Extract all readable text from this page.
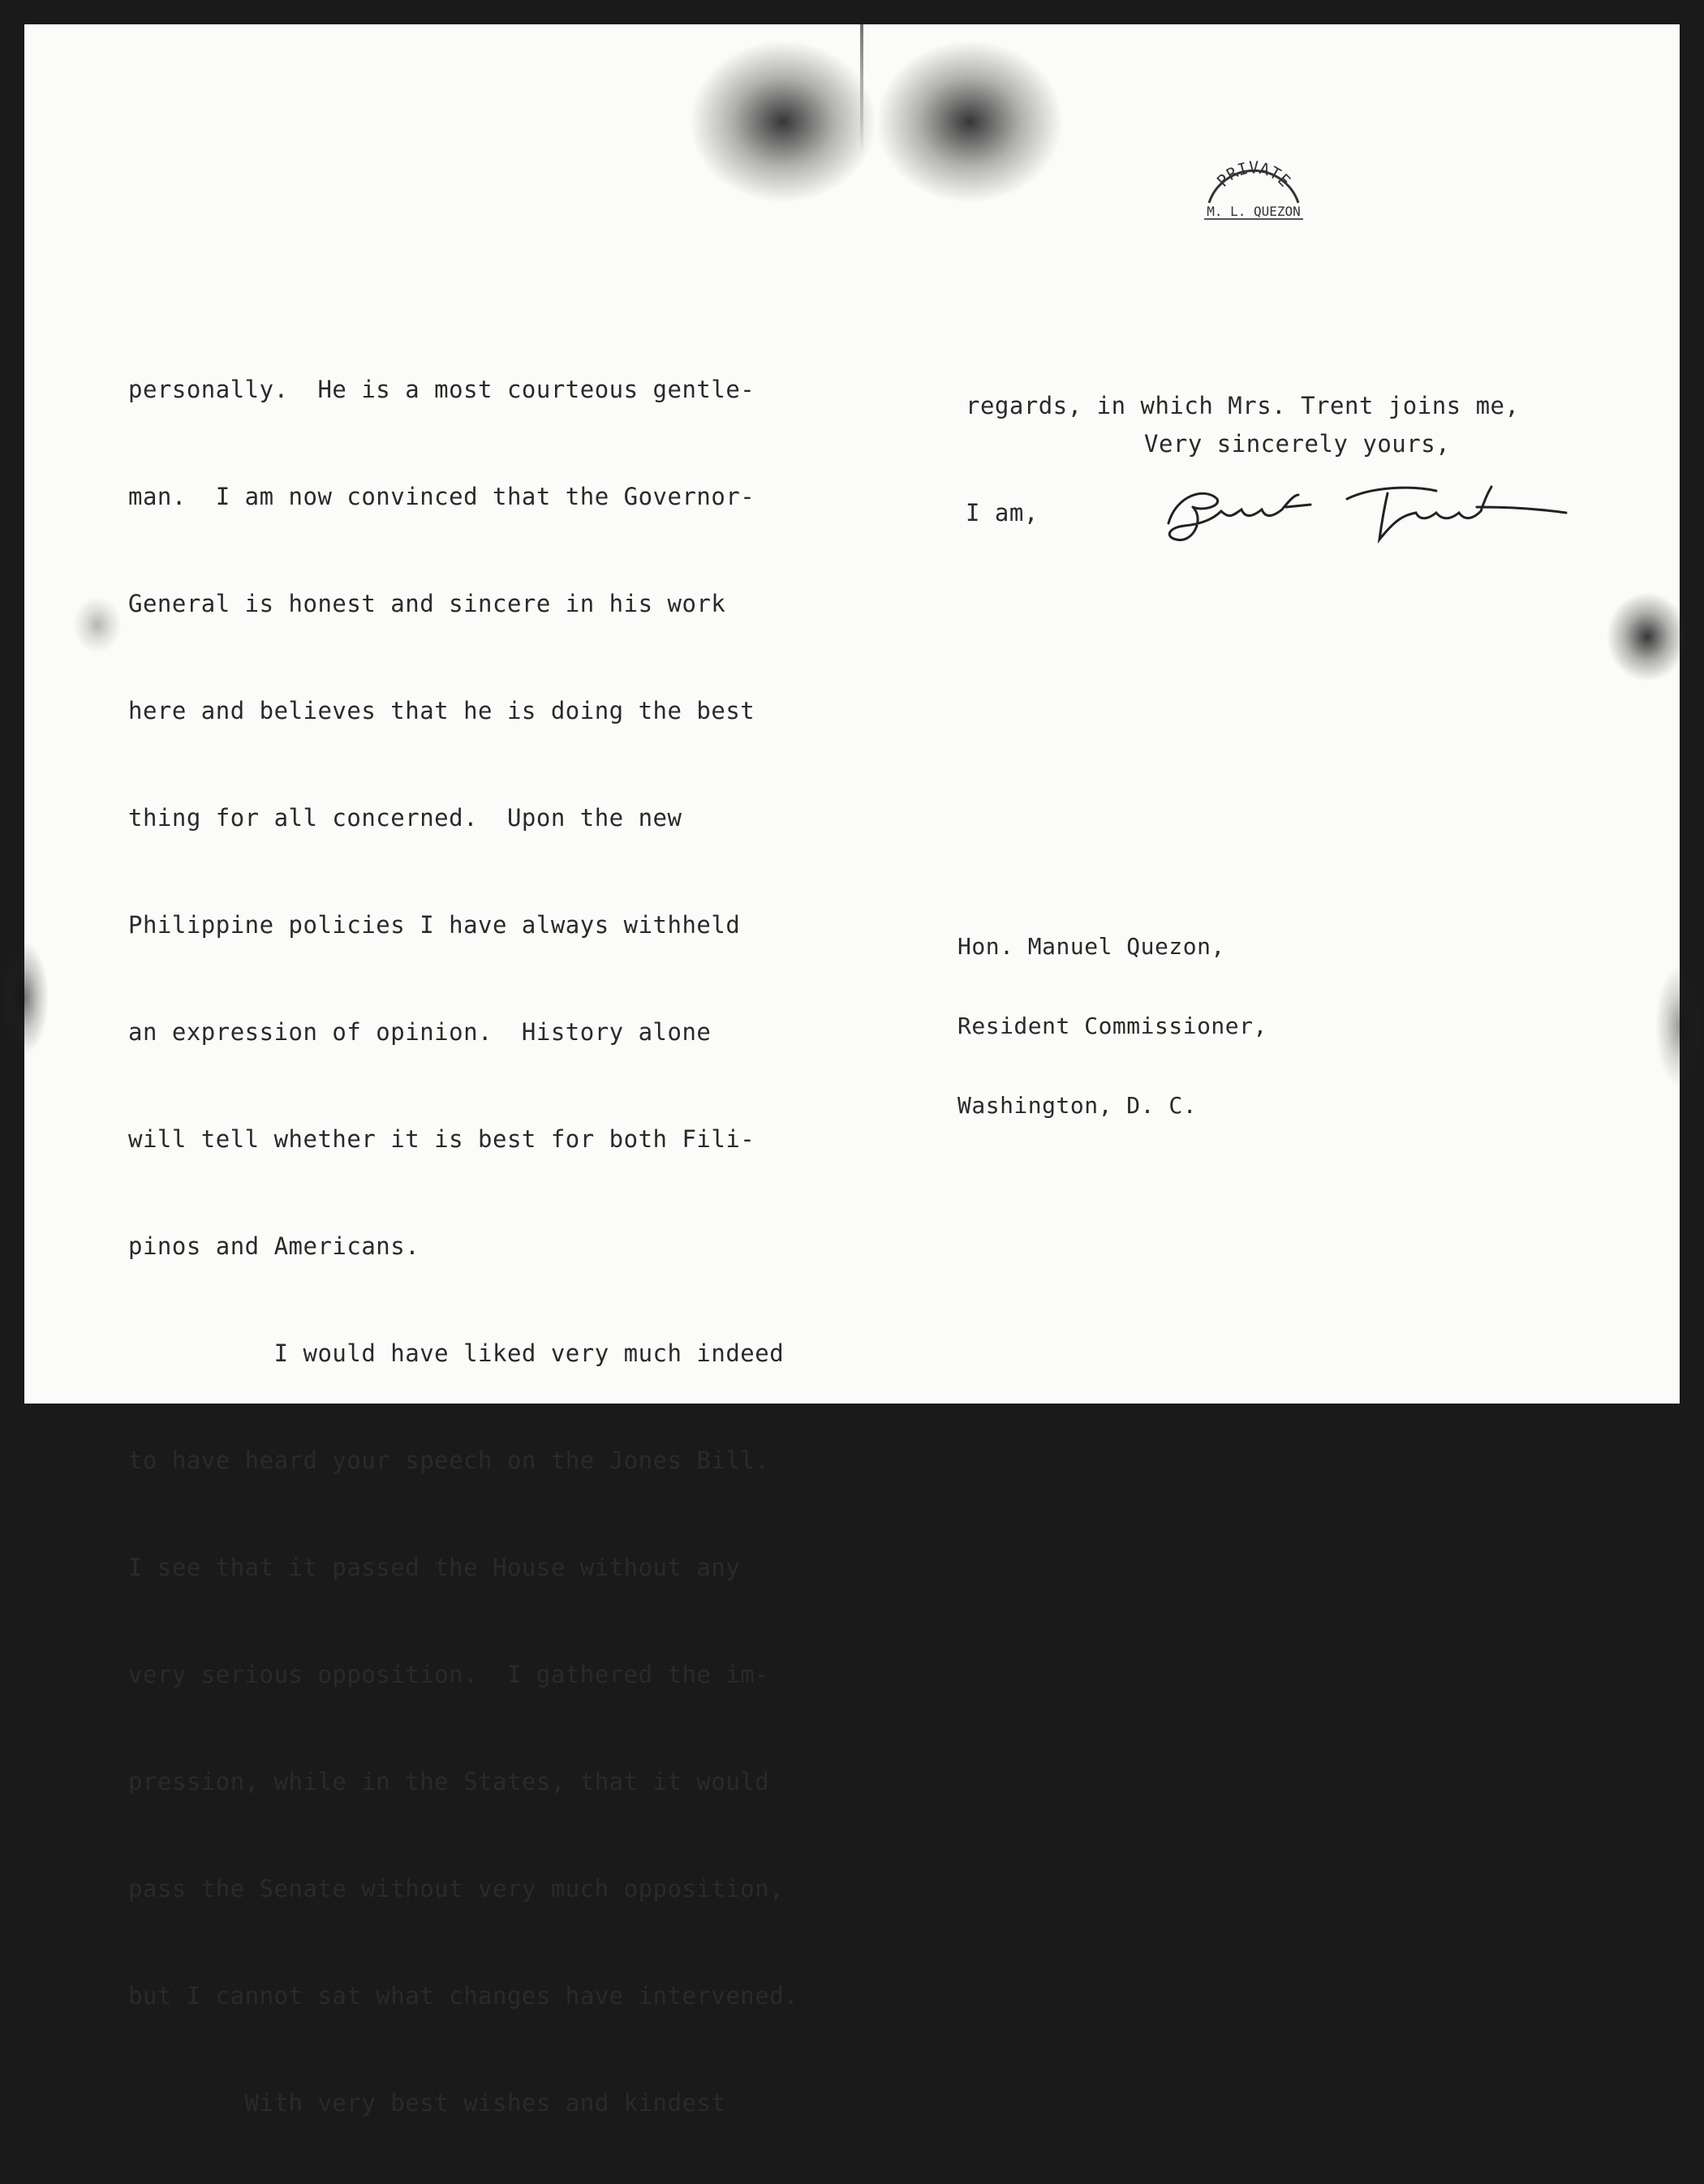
PRIVATE
M. L. QUEZON

personally.  He is a most courteous gentle-

man.  I am now convinced that the Governor-

General is honest and sincere in his work

here and believes that he is doing the best

thing for all concerned.  Upon the new

Philippine policies I have always withheld

an expression of opinion.  History alone

will tell whether it is best for both Fili-

pinos and Americans.

I would have liked very much indeed

to have heard your speech on the Jones Bill.

I see that it passed the House without any

very serious opposition.  I gathered the im-

pression, while in the States, that it would

pass the Senate without very much opposition,

but I cannot sat what changes have intervened.

With very best wishes and kindest

regards, in which Mrs. Trent joins me,

I am,

Very sincerely yours,

Hon. Manuel Quezon,

Resident Commissioner,

Washington, D. C.
